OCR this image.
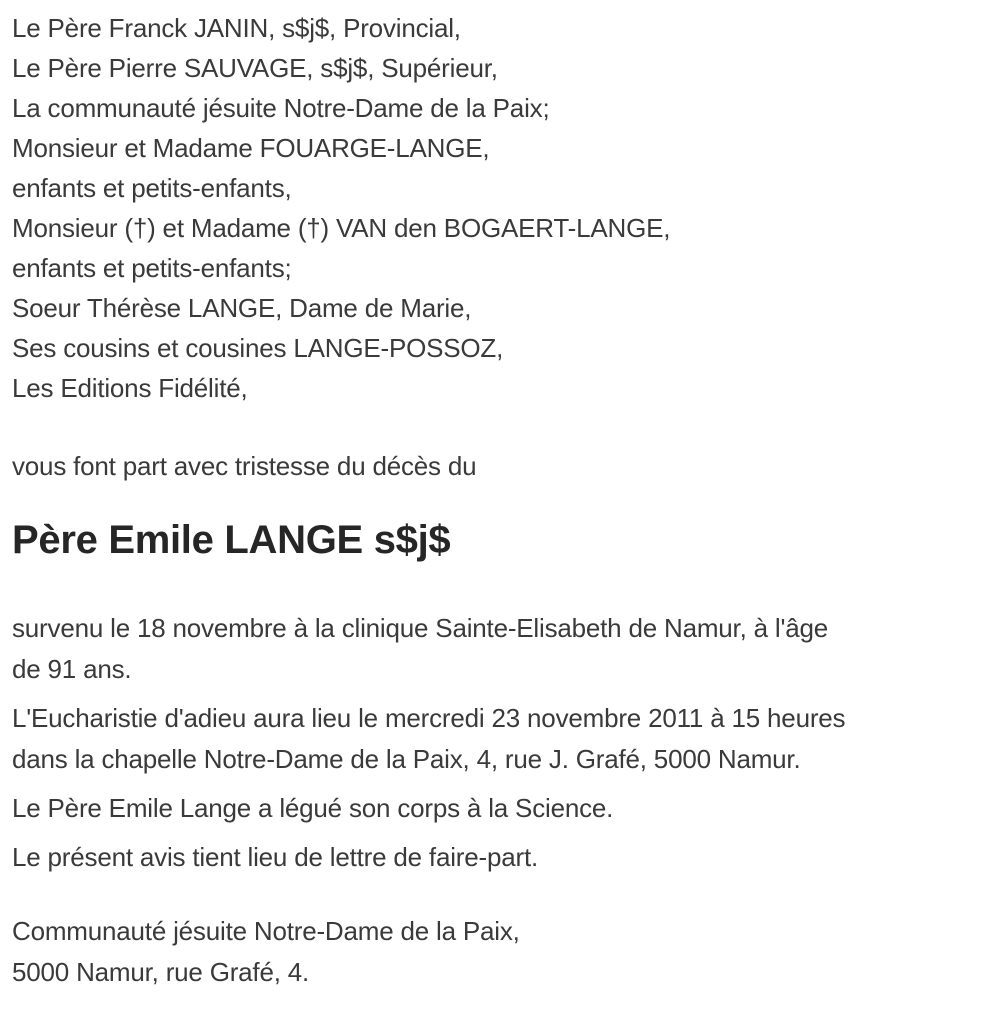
Le Père Franck JANIN, s$j$, Provincial,
Le Père Pierre SAUVAGE, s$j$, Supérieur,
La communauté jésuite Notre-Dame de la Paix;
Monsieur et Madame FOUARGE-LANGE,
enfants et petits-enfants,
Monsieur (†) et Madame (†) VAN den BOGAERT-LANGE,
enfants et petits-enfants;
Soeur Thérèse LANGE, Dame de Marie,
Ses cousins et cousines LANGE-POSSOZ,
Les Editions Fidélité,
vous font part avec tristesse du décès du
Père Emile LANGE s$j$

survenu le 18 novembre à la clinique Sainte-Elisabeth de Namur, à l'âge
de 91 ans.

L'Eucharistie d'adieu aura lieu le mercredi 23 novembre 2011 à 15 heures
dans la chapelle Notre-Dame de la Paix, 4, rue J. Grafé, 5000 Namur.

Le Père Emile Lange a légué son corps à la Science.

Le présent avis tient lieu de lettre de faire-part.

Communauté jésuite Notre-Dame de la Paix,
5000 Namur, rue Grafé, 4.
